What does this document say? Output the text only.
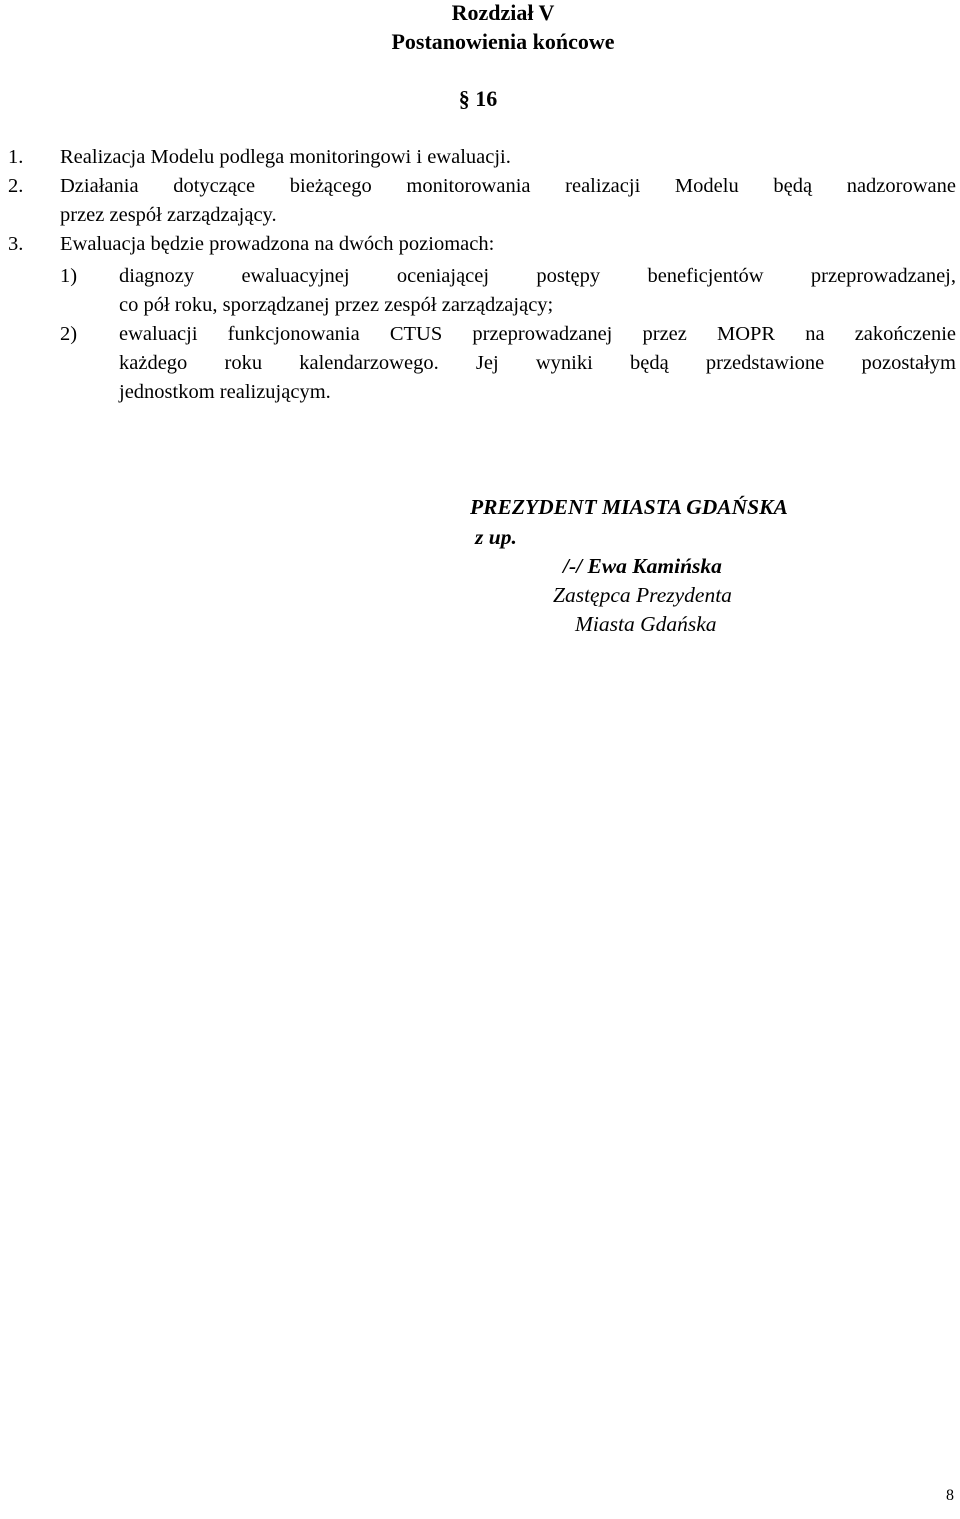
Rozdział V
Postanowienia końcowe
§ 16
1. Realizacja Modelu podlega monitoringowi i ewaluacji.
2. Działania dotyczące bieżącego monitorowania realizacji Modelu będą nadzorowane
przez zespół zarządzający.
3. Ewaluacja będzie prowadzona na dwóch poziomach:
1) diagnozy ewaluacyjnej oceniającej postępy beneficjentów przeprowadzanej,
co pół roku, sporządzanej przez zespół zarządzający;
2) ewaluacji funkcjonowania CTUS przeprowadzanej przez MOPR na zakończenie
każdego roku kalendarzowego. Jej wyniki będą przedstawione pozostałym
jednostkom realizującym.
PREZYDENT MIASTA GDAŃSKA
z up.
/-/ Ewa Kamińska
Zastępca Prezydenta
Miasta Gdańska
8
